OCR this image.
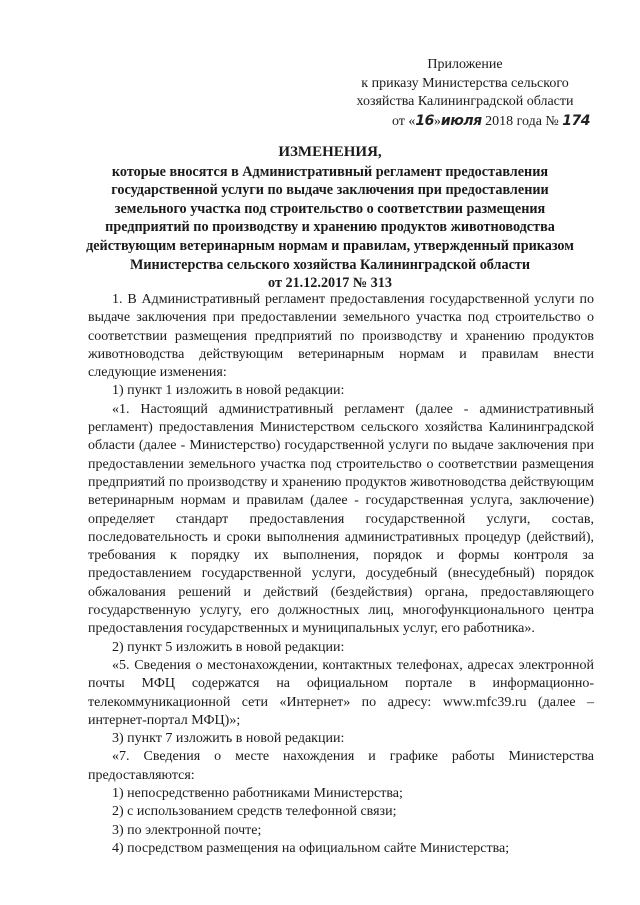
Приложение
к приказу Министерства сельского
хозяйства Калининградской области
от «16»июля 2018 года № 174
ИЗМЕНЕНИЯ,
которые вносятся в Административный регламент предоставления
государственной услуги по выдаче заключения при предоставлении
земельного участка под строительство о соответствии размещения
предприятий по производству и хранению продуктов животноводства
действующим ветеринарным нормам и правилам, утвержденный приказом
Министерства сельского хозяйства Калининградской области
от 21.12.2017 № 313

1. В Административный регламент предоставления государственной услуги по выдаче заключения при предоставлении земельного участка под строительство о соответствии размещения предприятий по производству и хранению продуктов животноводства действующим ветеринарным нормам и правилам внести следующие изменения:

1) пункт 1 изложить в новой редакции:

«1. Настоящий административный регламент (далее - административный регламент) предоставления Министерством сельского хозяйства Калининградской области (далее - Министерство) государственной услуги по выдаче заключения при предоставлении земельного участка под строительство о соответствии размещения предприятий по производству и хранению продуктов животноводства действующим ветеринарным нормам и правилам (далее - государственная услуга, заключение) определяет стандарт предоставления государственной услуги, состав, последовательность и сроки выполнения административных процедур (действий), требования к порядку их выполнения, порядок и формы контроля за предоставлением государственной услуги, досудебный (внесудебный) порядок обжалования решений и действий (бездействия) органа, предоставляющего государственную услугу, его должностных лиц, многофункционального центра предоставления государственных и муниципальных услуг, его работника».

2) пункт 5 изложить в новой редакции:

«5. Сведения о местонахождении, контактных телефонах, адресах электронной почты МФЦ содержатся на официальном портале в информационно-телекоммуникационной сети «Интернет» по адресу: www.mfc39.ru (далее – интернет-портал МФЦ)»;

3) пункт 7 изложить в новой редакции:

«7. Сведения о месте нахождения и графике работы Министерства предоставляются:

1) непосредственно работниками Министерства;

2) с использованием средств телефонной связи;

3) по электронной почте;

4) посредством размещения на официальном сайте Министерства;
